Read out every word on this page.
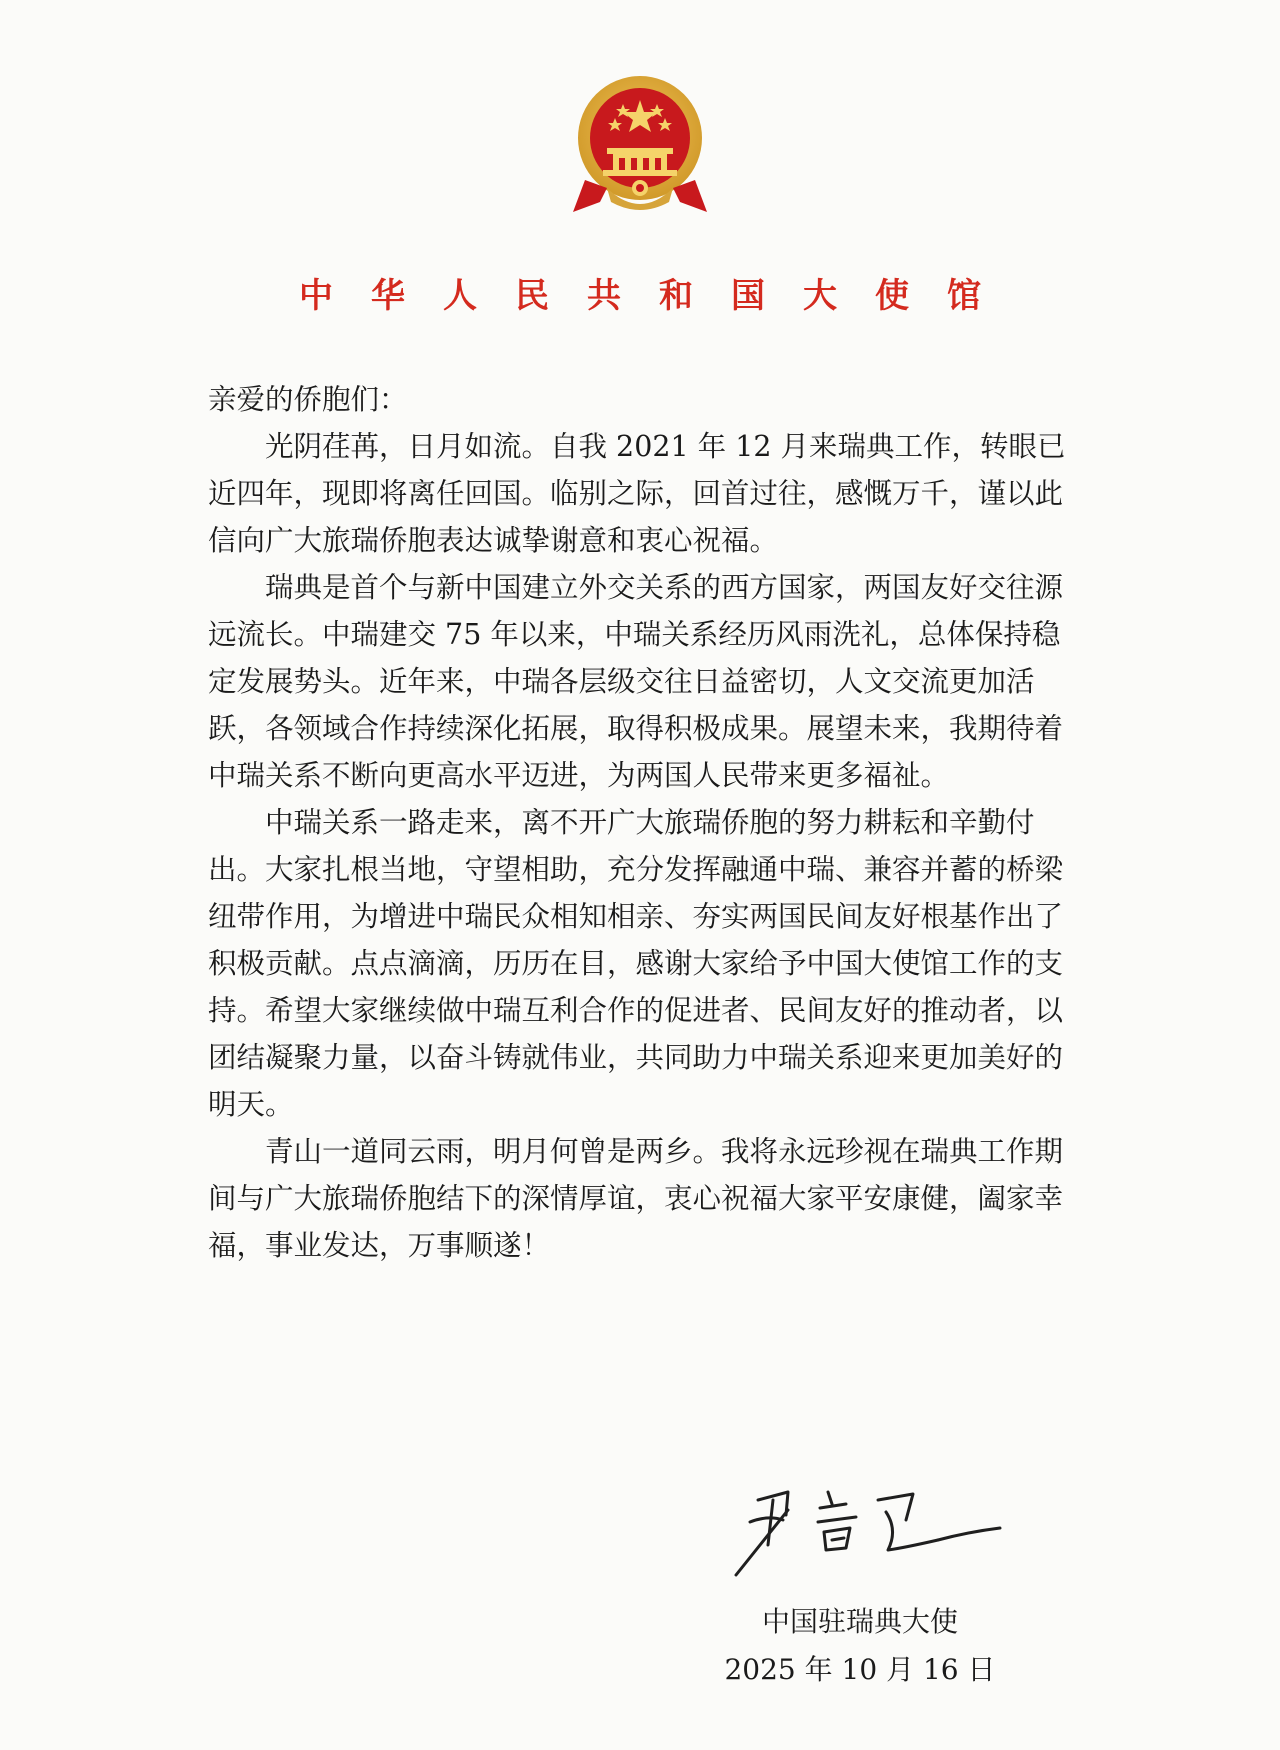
中华人民共和国大使馆

亲爱的侨胞们：

光阴荏苒，日月如流。自我 2021 年 12 月来瑞典工作，转眼已近四年，现即将离任回国。临别之际，回首过往，感慨万千，谨以此信向广大旅瑞侨胞表达诚挚谢意和衷心祝福。

瑞典是首个与新中国建立外交关系的西方国家，两国友好交往源远流长。中瑞建交 75 年以来，中瑞关系经历风雨洗礼，总体保持稳定发展势头。近年来，中瑞各层级交往日益密切，人文交流更加活跃，各领域合作持续深化拓展，取得积极成果。展望未来，我期待着中瑞关系不断向更高水平迈进，为两国人民带来更多福祉。

中瑞关系一路走来，离不开广大旅瑞侨胞的努力耕耘和辛勤付出。大家扎根当地，守望相助，充分发挥融通中瑞、兼容并蓄的桥梁纽带作用，为增进中瑞民众相知相亲、夯实两国民间友好根基作出了积极贡献。点点滴滴，历历在目，感谢大家给予中国大使馆工作的支持。希望大家继续做中瑞互利合作的促进者、民间友好的推动者，以团结凝聚力量，以奋斗铸就伟业，共同助力中瑞关系迎来更加美好的明天。

青山一道同云雨，明月何曾是两乡。我将永远珍视在瑞典工作期间与广大旅瑞侨胞结下的深情厚谊，衷心祝福大家平安康健，阖家幸福，事业发达，万事顺遂！

中国驻瑞典大使
2025 年 10 月 16 日
